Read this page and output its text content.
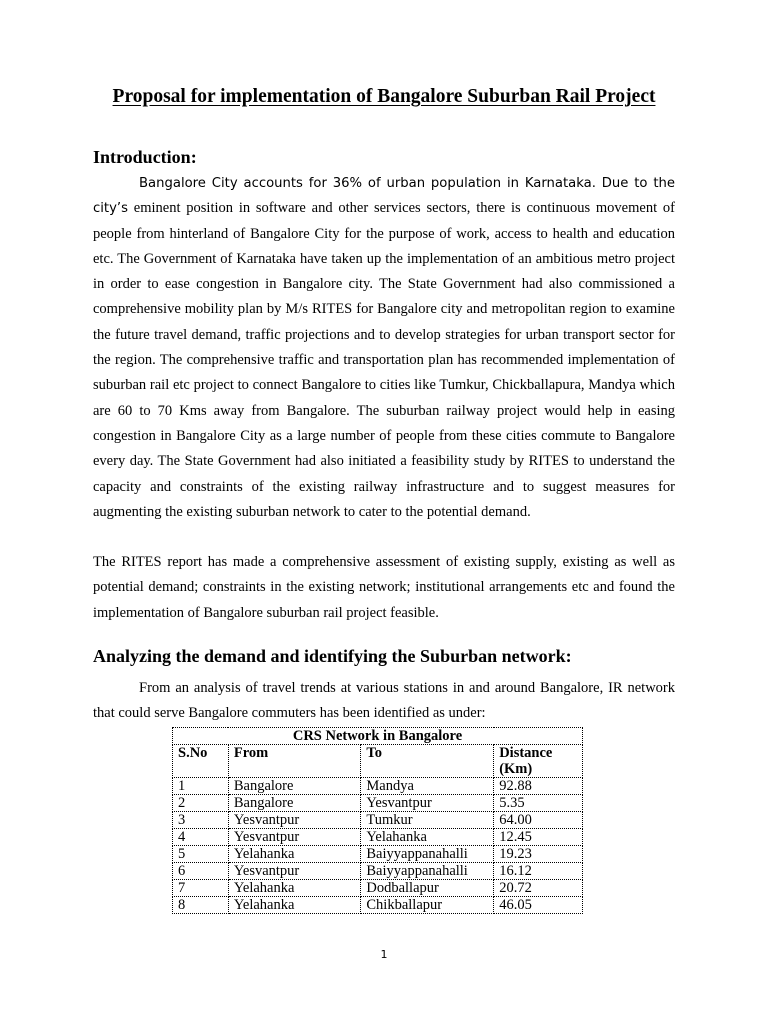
Proposal for implementation of Bangalore Suburban Rail Project
Introduction:

Bangalore City accounts for 36% of urban population in Karnataka. Due to the city’s eminent position in software and other services sectors, there is continuous movement of people from hinterland of Bangalore City for the purpose of work, access to health and education etc. The Government of Karnataka have taken up the implementation of an ambitious metro project in order to ease congestion in Bangalore city. The State Government had also commissioned a comprehensive mobility plan by M/s RITES for Bangalore city and metropolitan region to examine the future travel demand, traffic projections and to develop strategies for urban transport sector for the region. The comprehensive traffic and transportation plan has recommended implementation of suburban rail etc project to connect Bangalore to cities like Tumkur, Chickballapura, Mandya which are 60 to 70 Kms away from Bangalore. The suburban railway project would help in easing congestion in Bangalore City as a large number of people from these cities commute to Bangalore every day. The State Government had also initiated a feasibility study by RITES to understand the capacity and constraints of the existing railway infrastructure and to suggest measures for augmenting the existing suburban network to cater to the potential demand.

The RITES report has made a comprehensive assessment of existing supply, existing as well as potential demand; constraints in the existing network; institutional arrangements etc and found the implementation of Bangalore suburban rail project feasible.

Analyzing the demand and identifying the Suburban network:

From an analysis of travel trends at various stations in and around Bangalore, IR network that could serve Bangalore commuters has been identified as under:

CRS Network in Bangalore			
S.No	From	To	Distance (Km)
1	Bangalore	Mandya	92.88
2	Bangalore	Yesvantpur	5.35
3	Yesvantpur	Tumkur	64.00
4	Yesvantpur	Yelahanka	12.45
5	Yelahanka	Baiyyappanahalli	19.23
6	Yesvantpur	Baiyyappanahalli	16.12
7	Yelahanka	Dodballapur	20.72
8	Yelahanka	Chikballapur	46.05
1
